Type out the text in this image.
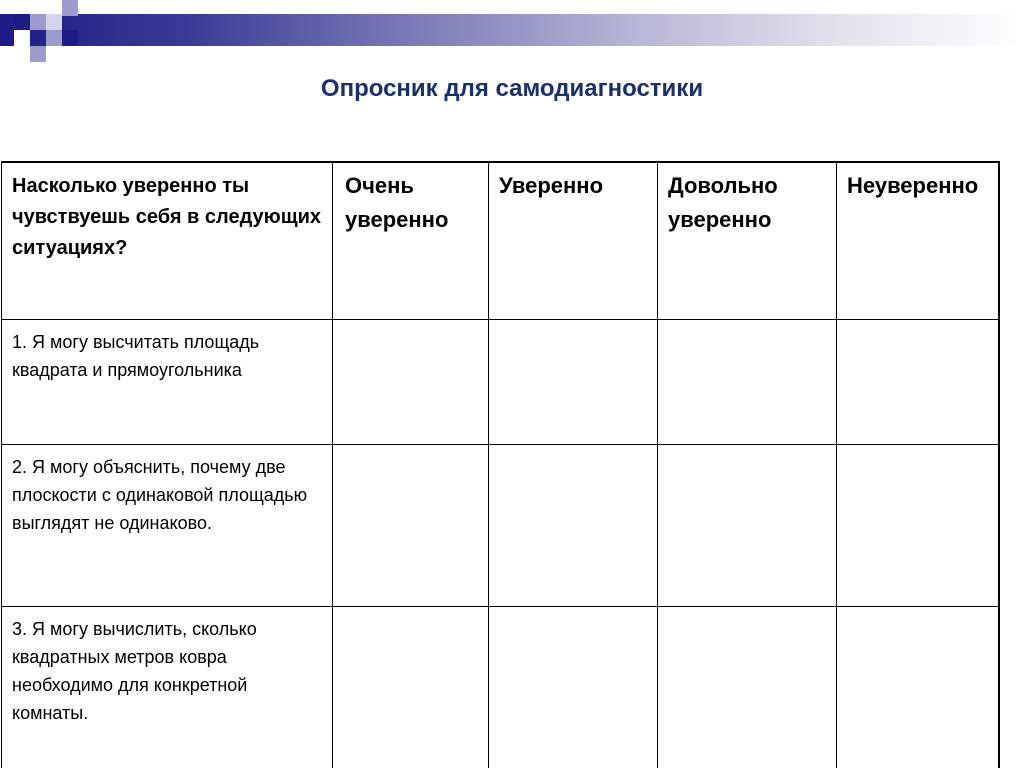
Опросник для самодиагностики
Насколько уверенно ты чувствуешь себя в следующих ситуациях?	Очень уверенно	Уверенно	Довольно уверенно	Неуверенно

1. Я могу высчитать площадь квадрата и прямоугольника				

2. Я могу объяснить, почему две плоскости с одинаковой площадью выглядят не одинаково.				

3. Я могу вычислить, сколько квадратных метров ковра необходимо для конкретной комнаты.				
